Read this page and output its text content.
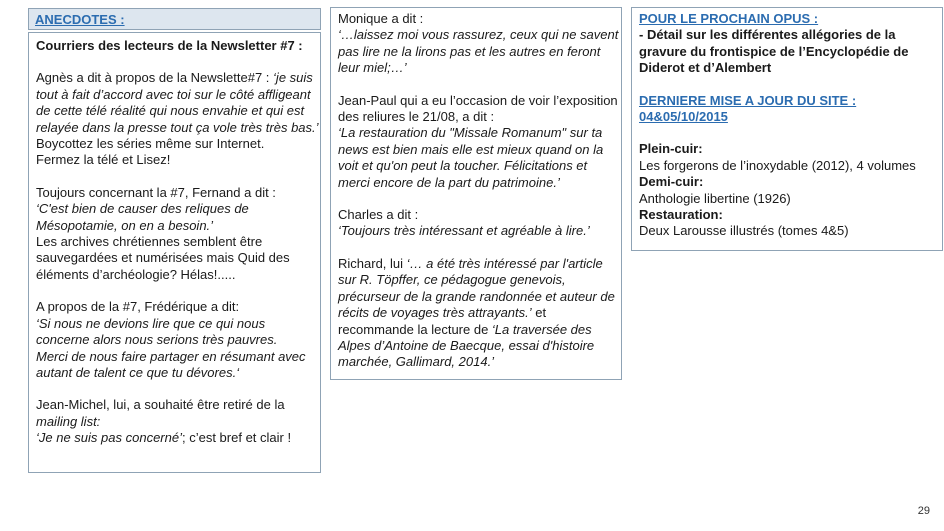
ANECDOTES :

Courriers des lecteurs de la Newsletter #7 :

Agnès a dit à propos de la Newslette#7 : ‘je suis tout à fait d’accord avec toi sur le côté affligeant de cette télé réalité qui nous envahie et qui est relayée dans la presse tout ça vole très très bas.’
Boycottez les séries même sur Internet.
Fermez la télé et Lisez!

Toujours concernant la #7, Fernand a dit :
‘C'est bien de causer des reliques de Mésopotamie, on en a besoin.’
Les archives chrétiennes semblent être sauvegardées et numérisées mais Quid des éléments d’archéologie? Hélas!.....

A propos de la #7, Frédérique a dit:
‘Si nous ne devions lire que ce qui nous concerne alors nous serions très pauvres.
Merci de nous faire partager en résumant avec autant de talent ce que tu dévores.‘

Jean-Michel, lui, a souhaité être retiré de la mailing list:
‘Je ne suis pas concerné’; c’est bref et clair !

Monique a dit :
‘…laissez moi vous rassurez, ceux qui ne savent pas lire ne la lirons pas et les autres en feront leur miel;…’

Jean-Paul qui a eu l’occasion de voir l’exposition des reliures le 21/08, a dit :
‘La restauration du "Missale Romanum" sur ta news est bien mais elle est mieux quand on la voit et qu'on peut la toucher. Félicitations et merci encore de la part du patrimoine.’

Charles a dit :
‘Toujours très intéressant et agréable à lire.’

Richard, lui ‘… a été très intéressé par l'article sur R. Töpffer, ce pédagogue genevois, précurseur de la grande randonnée et auteur de récits de voyages très attrayants.’ et recommande la lecture de ‘La traversée des Alpes d’Antoine de Baecque, essai d'histoire marchée, Gallimard, 2014.’

POUR LE PROCHAIN OPUS :

- Détail sur les différentes allégories de la gravure du frontispice de l’Encyclopédie de Diderot et d’Alembert

DERNIERE MISE A JOUR DU SITE : 04&05/10/2015

Plein-cuir:
Les forgerons de l’inoxydable (2012), 4 volumes
Demi-cuir:
Anthologie libertine (1926)
Restauration:
Deux Larousse illustrés (tomes 4&5)
29
